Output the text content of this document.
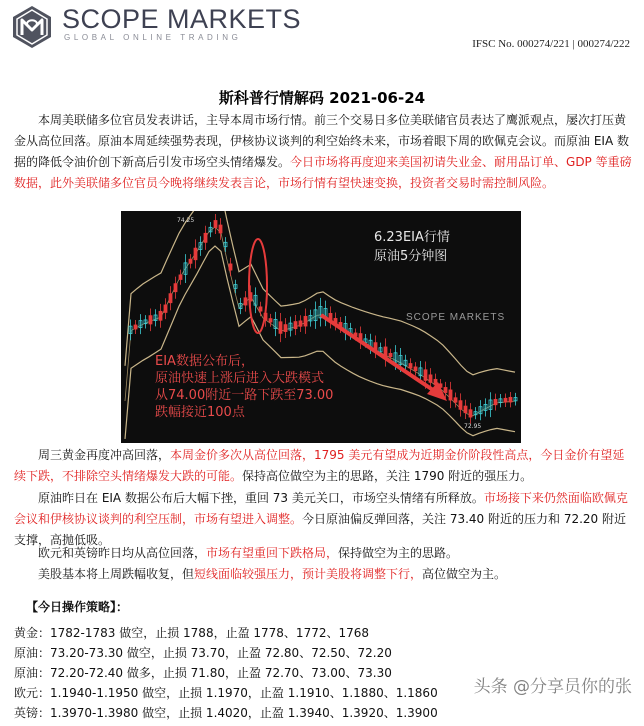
SCOPE MARKETS
GLOBAL ONLINE TRADING
IFSC No. 000274/221 | 000274/222
斯科普行情解码 2021-06-24
本周美联储多位官员发表讲话，主导本周市场行情。前三个交易日多位美联储官员表达了鹰派观点，屡次打压黄金从高位回落。原油本周延续强势表现，伊核协议谈判的利空始终未来，市场着眼下周的欧佩克会议。而原油 EIA 数据的降低令油价创下新高后引发市场空头情绪爆发。今日市场将再度迎来美国初请失业金、耐用品订单、GDP 等重磅数据，此外美联储多位官员今晚将继续发表言论，市场行情有望快速变换，投资者交易时需控制风险。
74.25
72.95
SCOPE MARKETS
6.23EIA行情
原油5分钟图
EIA数据公布后，
原油快速上涨后进入大跌模式
从74.00附近一路下跌至73.00
跌幅接近100点
周三黄金再度冲高回落，本周金价多次从高位回落，1795 美元有望成为近期金价阶段性高点，今日金价有望延续下跌，不排除空头情绪爆发大跌的可能。保持高位做空为主的思路，关注 1790 附近的强压力。
原油昨日在 EIA 数据公布后大幅下挫，重回 73 美元关口，市场空头情绪有所释放。市场接下来仍然面临欧佩克会议和伊核协议谈判的利空压制，市场有望进入调整。今日原油偏反弹回落，关注 73.40 附近的压力和 72.20 附近支撑，高抛低吸。
欧元和英镑昨日均从高位回落，市场有望重回下跌格局，保持做空为主的思路。
美股基本将上周跌幅收复，但短线面临较强压力，预计美股将调整下行，高位做空为主。
【今日操作策略】：
黄金：1782-1783 做空，止损 1788，止盈 1778、1772、1768
原油：73.20-73.30 做空，止损 73.70，止盈 72.80、72.50、72.20
原油：72.20-72.40 做多，止损 71.80，止盈 72.70、73.00、73.30
欧元：1.1940-1.1950 做空，止损 1.1970，止盈 1.1910、1.1880、1.1860
英镑：1.3970-1.3980 做空，止损 1.4020，止盈 1.3940、1.3920、1.3900
头条 @分享员你的张
